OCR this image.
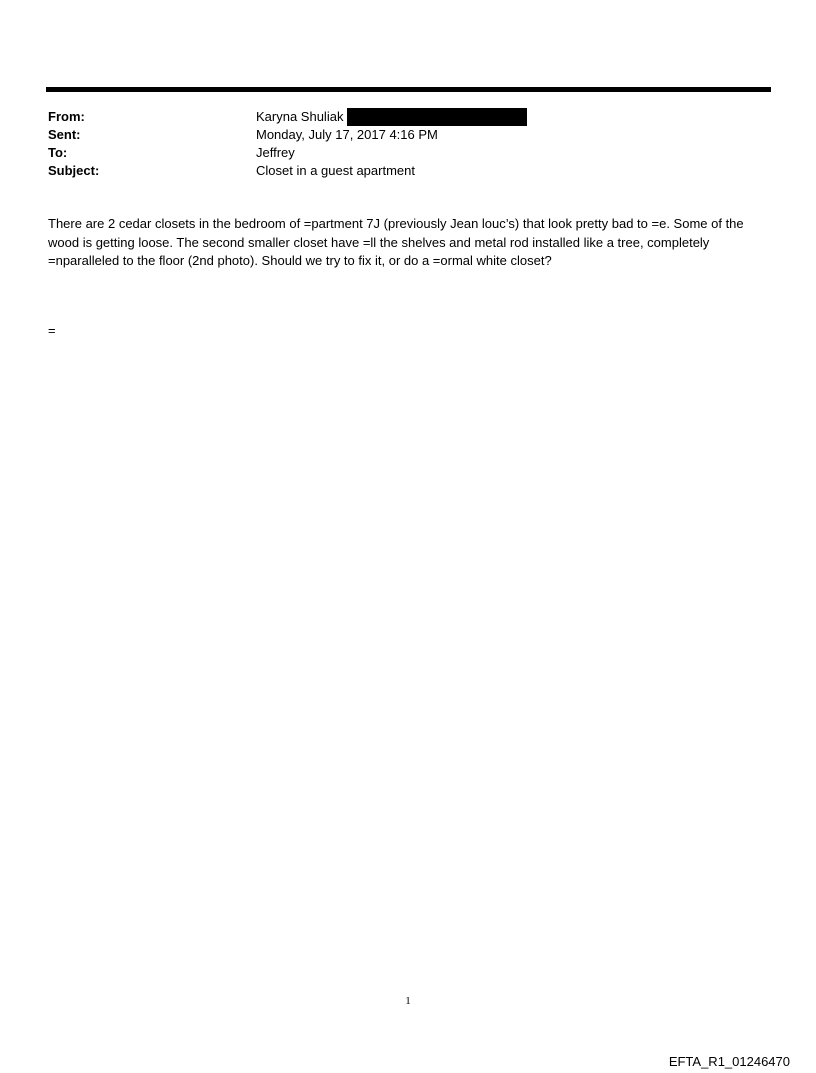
From:	Karyna Shuliak
Sent:	Monday, July 17, 2017 4:16 PM
To:	Jeffrey
Subject:	Closet in a guest apartment
There are 2 cedar closets in the bedroom of =partment 7J (previously Jean louc’s) that look pretty bad to =e. Some of the wood is getting loose. The second smaller closet have =ll the shelves and metal rod installed like a tree, completely =nparalleled to the floor (2nd photo). Should we try to fix it, or do a =ormal white closet?
=
1
EFTA_R1_01246470
